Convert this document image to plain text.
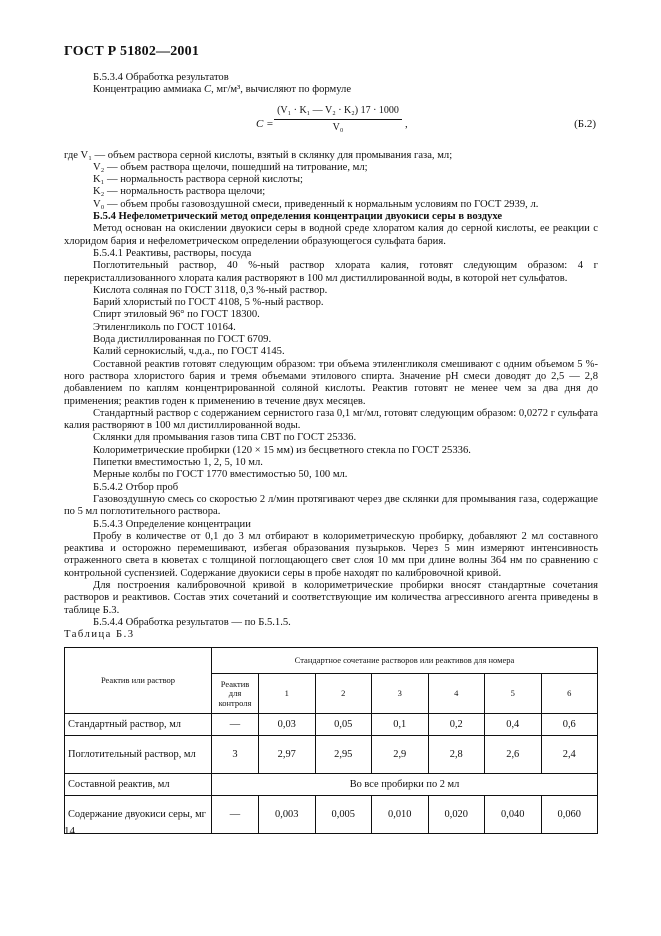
ГОСТ Р 51802—2001

Б.5.3.4 Обработка результатов

Концентрацию аммиака С, мг/м³, вычисляют по формуле

$C = \frac{\text{(V₁ · K₁ — V₂ · K₂) 17 · 1000}}{\text{V₀}}$ ,	(Б.2)

где V₁ — объем раствора серной кислоты, взятый в склянку для промывания газа, мл;

V₂ — объем раствора щелочи, пошедший на титрование, мл;

K₁ — нормальность раствора серной кислоты;

K₂ — нормальность раствора щелочи;

V₀ — объем пробы газовоздушной смеси, приведенный к нормальным условиям по ГОСТ 2939, л.

Б.5.4 Нефелометрический метод определения концентрации двуокиси серы в воздухе

Метод основан на окислении двуокиси серы в водной среде хлоратом калия до серной кислоты, ее реакции с хлоридом бария и нефелометрическом определении образующегося сульфата бария.

Б.5.4.1 Реактивы, растворы, посуда

Поглотительный раствор, 40 %-ный раствор хлората калия, готовят следующим образом: 4 г перекристаллизованного хлората калия растворяют в 100 мл дистиллированной воды, в которой нет сульфатов.

Кислота соляная по ГОСТ 3118, 0,3 %-ный раствор.

Барий хлористый по ГОСТ 4108, 5 %-ный раствор.

Спирт этиловый 96° по ГОСТ 18300.

Этиленгликоль по ГОСТ 10164.

Вода дистиллированная по ГОСТ 6709.

Калий сернокислый, ч.д.а., по ГОСТ 4145.

Составной реактив готовят следующим образом: три объема этиленгликоля смешивают с одним объемом 5 %-ного раствора хлористого бария и тремя объемами этилового спирта. Значение рН смеси доводят до 2,5 — 2,8 добавлением по каплям концентрированной соляной кислоты. Реактив готовят не менее чем за два дня до применения; реактив годен к применению в течение двух месяцев.

Стандартный раствор с содержанием сернистого газа 0,1 мг/мл, готовят следующим образом: 0,0272 г сульфата калия растворяют в 100 мл дистиллированной воды.

Склянки для промывания газов типа СВТ по ГОСТ 25336.

Колориметрические пробирки (120 × 15 мм) из бесцветного стекла по ГОСТ 25336.

Пипетки вместимостью 1, 2, 5, 10 мл.

Мерные колбы по ГОСТ 1770 вместимостью 50, 100 мл.

Б.5.4.2 Отбор проб

Газовоздушную смесь со скоростью 2 л/мин протягивают через две склянки для промывания газа, содержащие по 5 мл поглотительного раствора.

Б.5.4.3 Определение концентрации

Пробу в количестве от 0,1 до 3 мл отбирают в колориметрическую пробирку, добавляют 2 мл составного реактива и осторожно перемешивают, избегая образования пузырьков. Через 5 мин измеряют интенсивность отраженного света в кюветах с толщиной поглощающего свет слоя 10 мм при длине волны 364 нм по сравнению с контрольной суспензией. Содержание двуокиси серы в пробе находят по калибровочной кривой.

Для построения калибровочной кривой в колориметрические пробирки вносят стандартные сочетания растворов и реактивов. Состав этих сочетаний и соответствующие им количества агрессивного агента приведены в таблице Б.3.

Б.5.4.4 Обработка результатов — по Б.5.1.5.

Таблица Б.3

Реактив или раствор	Стандартное сочетание растворов или реактивов для номера						
	Реактив для контроля	1	2	3	4	5	6
Стандартный раствор, мл	—	0,03	0,05	0,1	0,2	0,4	0,6
Поглотительный раствор, мл	3	2,97	2,95	2,9	2,8	2,6	2,4
Составной реактив, мл	Во все пробирки по 2 мл						
Содержание двуокиси серы, мг	—	0,003	0,005	0,010	0,020	0,040	0,060
14
